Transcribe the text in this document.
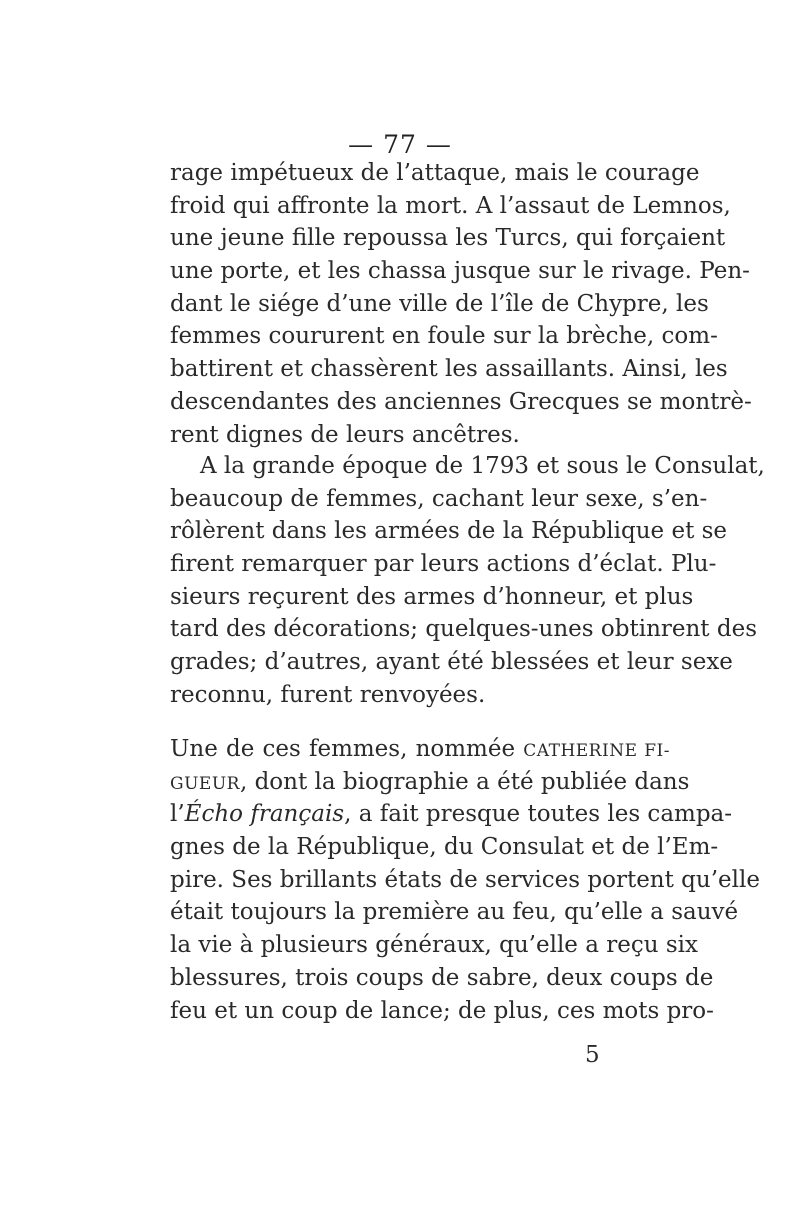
— 77 —
rage impétueux de l’attaque, mais le courage
froid qui affronte la mort. A l’assaut de Lemnos,
une jeune fille repoussa les Turcs, qui forçaient
une porte, et les chassa jusque sur le rivage. Pen-
dant le siége d’une ville de l’île de Chypre, les
femmes coururent en foule sur la brèche, com-
battirent et chassèrent les assaillants. Ainsi, les
descendantes des anciennes Grecques se montrè-
rent dignes de leurs ancêtres.
A la grande époque de 1793 et sous le Consulat,
beaucoup de femmes, cachant leur sexe, s’en-
rôlèrent dans les armées de la République et se
firent remarquer par leurs actions d’éclat. Plu-
sieurs reçurent des armes d’honneur, et plus
tard des décorations; quelques-unes obtinrent des
grades; d’autres, ayant été blessées et leur sexe
reconnu, furent renvoyées.
Une de ces femmes, nommée CATHERINE FI-
GUEUR, dont la biographie a été publiée dans
l’Écho français, a fait presque toutes les campa-
gnes de la République, du Consulat et de l’Em-
pire. Ses brillants états de services portent qu’elle
était toujours la première au feu, qu’elle a sauvé
la vie à plusieurs généraux, qu’elle a reçu six
blessures, trois coups de sabre, deux coups de
feu et un coup de lance; de plus, ces mots pro-
5
